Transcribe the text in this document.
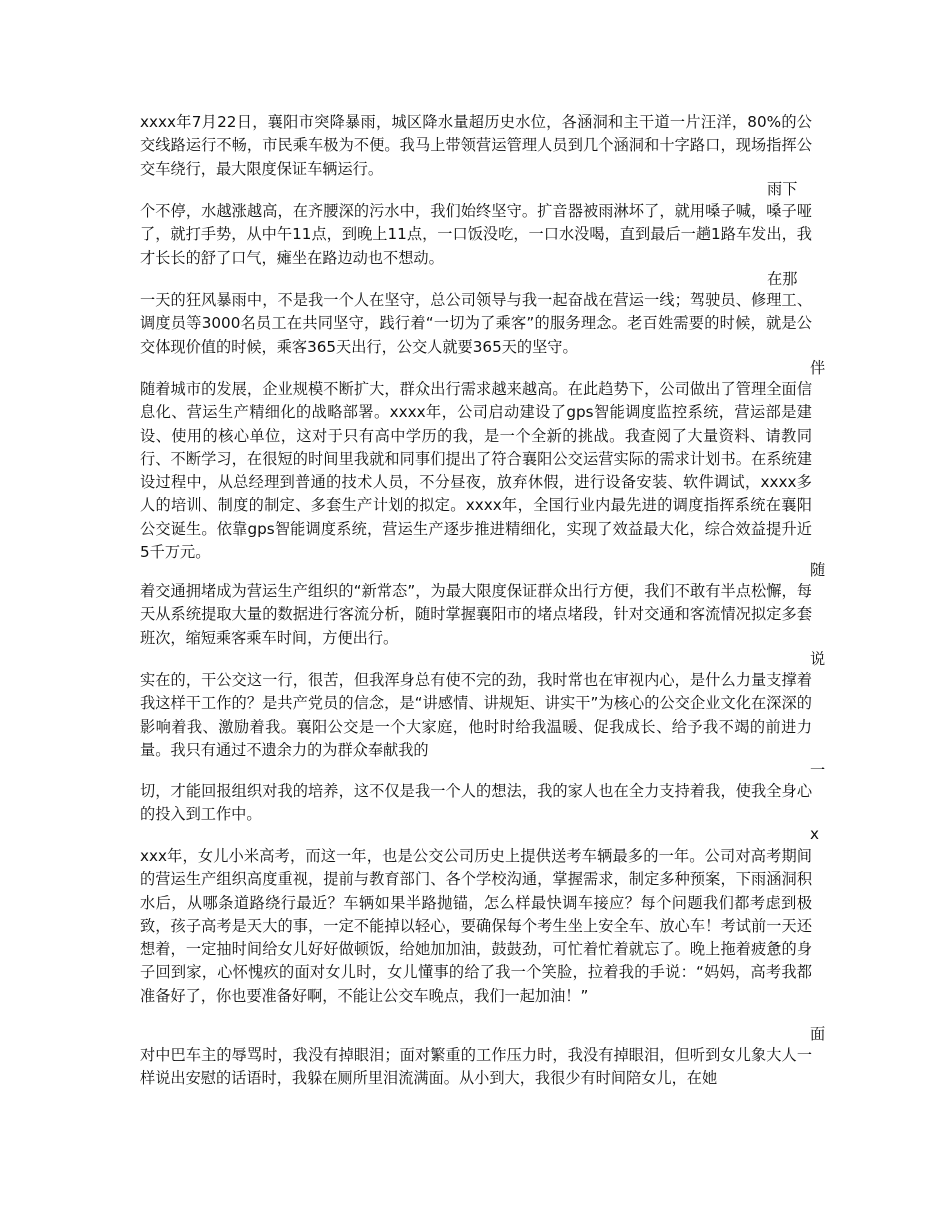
xxxx年7月22日，襄阳市突降暴雨，城区降水量超历史水位，各涵洞和主干道一片汪洋，80%的公交线路运行不畅，市民乘车极为不便。我马上带领营运管理人员到几个涵洞和十字路口，现场指挥公交车绕行，最大限度保证车辆运行。

雨下

个不停，水越涨越高，在齐腰深的污水中，我们始终坚守。扩音器被雨淋坏了，就用嗓子喊，嗓子哑了，就打手势，从中午11点，到晚上11点，一口饭没吃，一口水没喝，直到最后一趟1路车发出，我才长长的舒了口气，瘫坐在路边动也不想动。

在那

一天的狂风暴雨中，不是我一个人在坚守，总公司领导与我一起奋战在营运一线；驾驶员、修理工、调度员等3000名员工在共同坚守，践行着“一切为了乘客”的服务理念。老百姓需要的时候，就是公交体现价值的时候，乘客365天出行，公交人就要365天的坚守。

伴

随着城市的发展，企业规模不断扩大，群众出行需求越来越高。在此趋势下，公司做出了管理全面信息化、营运生产精细化的战略部署。xxxx年，公司启动建设了gps智能调度监控系统，营运部是建设、使用的核心单位，这对于只有高中学历的我，是一个全新的挑战。我查阅了大量资料、请教同行、不断学习，在很短的时间里我就和同事们提出了符合襄阳公交运营实际的需求计划书。在系统建设过程中，从总经理到普通的技术人员，不分昼夜，放弃休假，进行设备安装、软件调试，xxxx多人的培训、制度的制定、多套生产计划的拟定。xxxx年，全国行业内最先进的调度指挥系统在襄阳公交诞生。依靠gps智能调度系统，营运生产逐步推进精细化，实现了效益最大化，综合效益提升近5千万元。

随

着交通拥堵成为营运生产组织的“新常态”，为最大限度保证群众出行方便，我们不敢有半点松懈，每天从系统提取大量的数据进行客流分析，随时掌握襄阳市的堵点堵段，针对交通和客流情况拟定多套班次，缩短乘客乘车时间，方便出行。

说

实在的，干公交这一行，很苦，但我浑身总有使不完的劲，我时常也在审视内心，是什么力量支撑着我这样干工作的？是共产党员的信念，是“讲感情、讲规矩、讲实干”为核心的公交企业文化在深深的影响着我、激励着我。襄阳公交是一个大家庭，他时时给我温暖、促我成长、给予我不竭的前进力量。我只有通过不遗余力的为群众奉献我的

一

切，才能回报组织对我的培养，这不仅是我一个人的想法，我的家人也在全力支持着我，使我全身心的投入到工作中。

x

xxx年，女儿小米高考，而这一年，也是公交公司历史上提供送考车辆最多的一年。公司对高考期间的营运生产组织高度重视，提前与教育部门、各个学校沟通，掌握需求，制定多种预案，下雨涵洞积水后，从哪条道路绕行最近？车辆如果半路抛锚，怎么样最快调车接应？每个问题我们都考虑到极致，孩子高考是天大的事，一定不能掉以轻心，要确保每个考生坐上安全车、放心车！考试前一天还想着，一定抽时间给女儿好好做顿饭，给她加加油，鼓鼓劲，可忙着忙着就忘了。晚上拖着疲惫的身子回到家，心怀愧疚的面对女儿时，女儿懂事的给了我一个笑脸，拉着我的手说：“妈妈，高考我都准备好了，你也要准备好啊，不能让公交车晚点，我们一起加油！”

面

对中巴车主的辱骂时，我没有掉眼泪；面对繁重的工作压力时，我没有掉眼泪，但听到女儿象大人一样说出安慰的话语时，我躲在厕所里泪流满面。从小到大，我很少有时间陪女儿，在她
